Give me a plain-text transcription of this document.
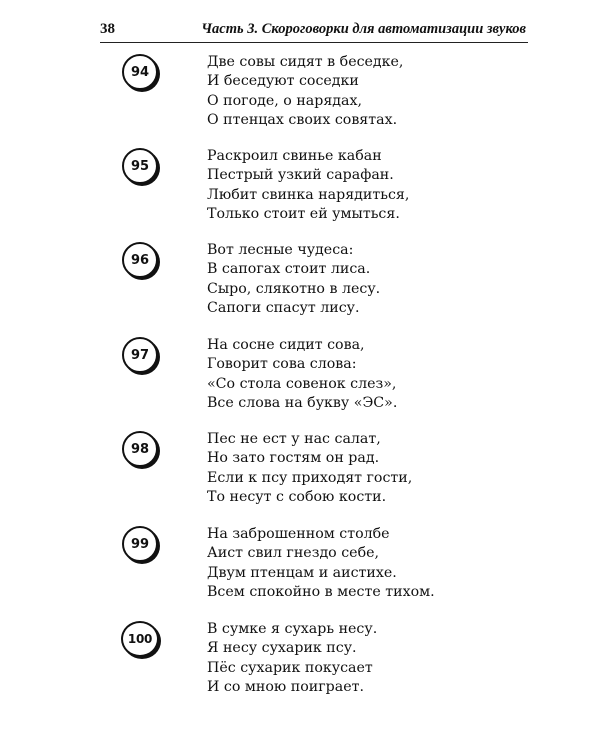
38	Часть 3. Скороговорки для автоматизации звуков
94
Две совы сидят в беседке,
И беседуют соседки
О погоде, о нарядах,
О птенцах своих совятах.
95
Раскроил свинье кабан
Пестрый узкий сарафан.
Любит свинка нарядиться,
Только стоит ей умыться.
96
Вот лесные чудеса:
В сапогах стоит лиса.
Сыро, слякотно в лесу.
Сапоги спасут лису.
97
На сосне сидит сова,
Говорит сова слова:
«Со стола совенок слез»,
Все слова на букву «ЭС».
98
Пес не ест у нас салат,
Но зато гостям он рад.
Если к псу приходят гости,
То несут с собою кости.
99
На заброшенном столбе
Аист свил гнездо себе,
Двум птенцам и аистихе.
Всем спокойно в месте тихом.
100
В сумке я сухарь несу.
Я несу сухарик псу.
Пёс сухарик покусает
И со мною поиграет.
